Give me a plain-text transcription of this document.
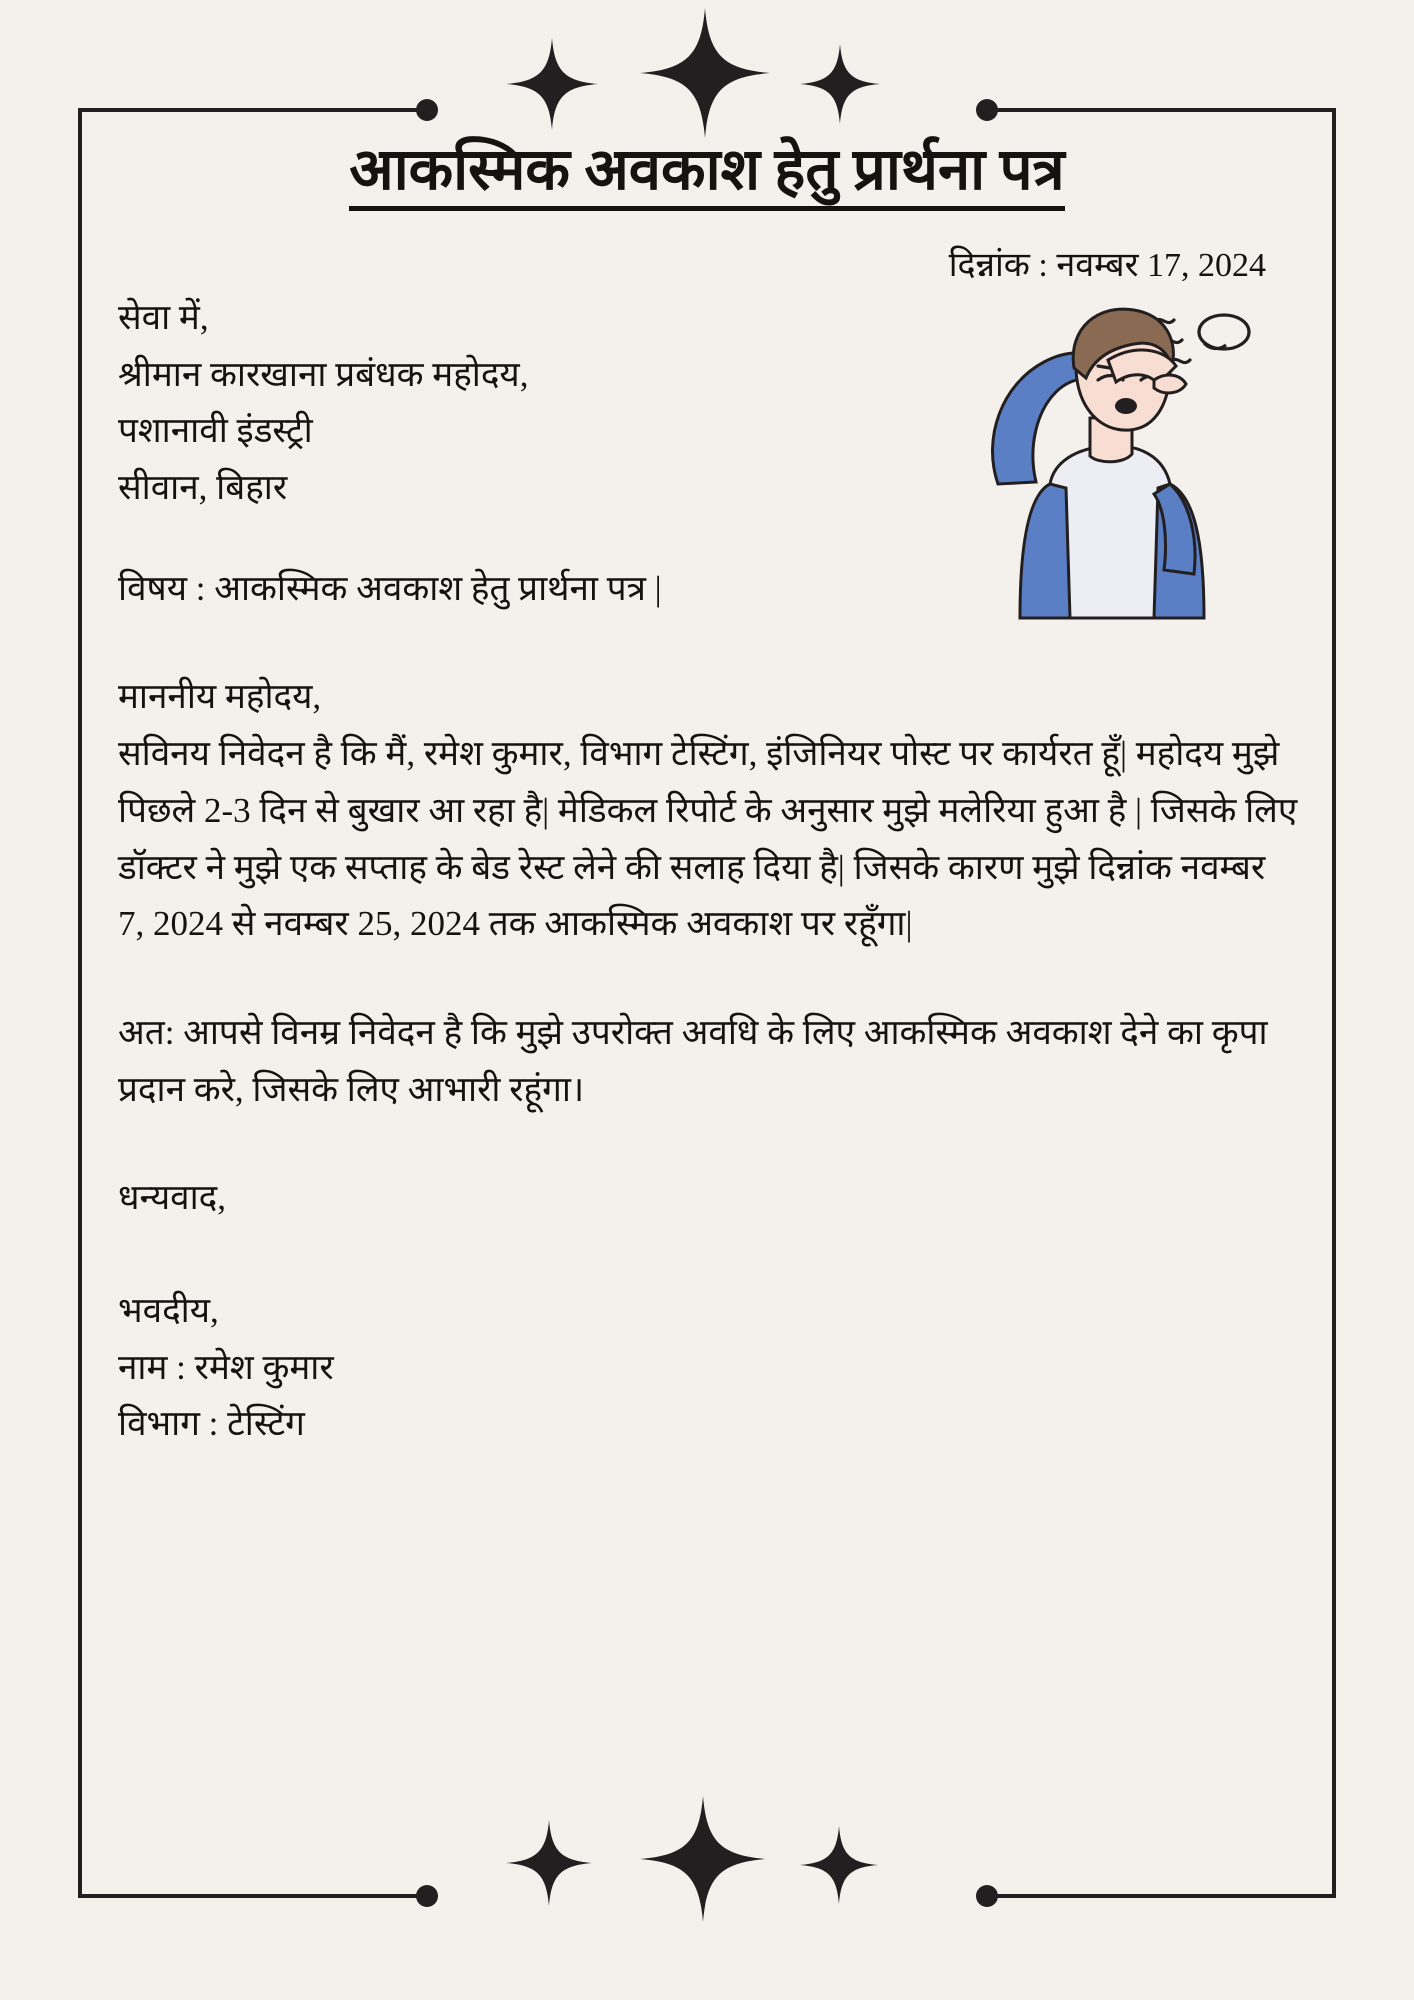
आकस्मिक अवकाश हेतु प्रार्थना पत्र
दिन्नांक : नवम्बर 17, 2024

सेवा में,

श्रीमान कारखाना प्रबंधक महोदय,

पशानावी इंडस्ट्री

सीवान, बिहार

विषय : आकस्मिक अवकाश हेतु प्रार्थना पत्र |

माननीय महोदय,

सविनय निवेदन है कि मैं, रमेश कुमार, विभाग टेस्टिंग, इंजिनियर पोस्ट पर कार्यरत हूँ| महोदय मुझे पिछले 2-3 दिन से बुखार आ रहा है| मेडिकल रिपोर्ट के अनुसार मुझे मलेरिया हुआ है | जिसके लिए डॉक्टर ने मुझे एक सप्ताह के बेड रेस्ट लेने की सलाह दिया है| जिसके कारण मुझे दिन्नांक नवम्बर 7, 2024 से नवम्बर 25, 2024 तक आकस्मिक अवकाश पर रहूँगा|

अत: आपसे विनम्र निवेदन है कि मुझे उपरोक्त अवधि के लिए आकस्मिक अवकाश देने का कृपा प्रदान करे, जिसके लिए आभारी रहूंगा।

धन्यवाद,

भवदीय,

नाम : रमेश कुमार

विभाग : टेस्टिंग
